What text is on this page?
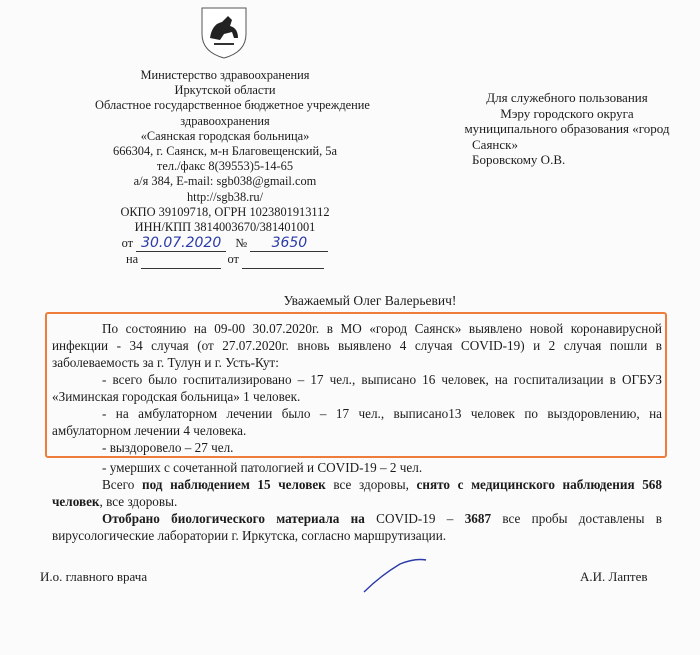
Министерство здравоохранения
Иркутской области
Областное государственное бюджетное учреждение
здравоохранения
«Саянская городская больница»
666304, г. Саянск, м-н Благовещенский, 5а
тел./факс 8(39553)5-14-65
а/я 384, E-mail: sgb038@gmail.com
http://sgb38.ru/
ОКПО 39109718, ОГРН 1023801913112
ИНН/КПП 3814003670/381401001
от 30.07.2020 № 3650
на	от
Для служебного пользования
Мэру городского округа
муниципального образования «город
Саянск»
Боровскому О.В.
Уважаемый Олег Валерьевич!

По состоянию на 09-00 30.07.2020г. в МО «город Саянск» выявлено новой коронавирусной инфекции - 34 случая (от 27.07.2020г. вновь выявлено 4 случая COVID-19) и 2 случая пошли в заболеваемость за г. Тулун и г. Усть-Кут:

- всего было госпитализировано – 17 чел., выписано 16 человек, на госпитализации в ОГБУЗ «Зиминская городская больница» 1 человек.

- на амбулаторном лечении было – 17 чел., выписано13 человек по выздоровлению, на амбулаторном лечении 4 человека.

- выздоровело – 27 чел.

- умерших с сочетанной патологией и COVID-19 – 2 чел.

Всего под наблюдением 15 человек все здоровы, снято с медицинского наблюдения 568 человек, все здоровы.

Отобрано биологического материала на COVID-19 – 3687 все пробы доставлены в вирусологические лаборатории г. Иркутска, согласно маршрутизации.

И.о. главного врача	А.И. Лаптев
